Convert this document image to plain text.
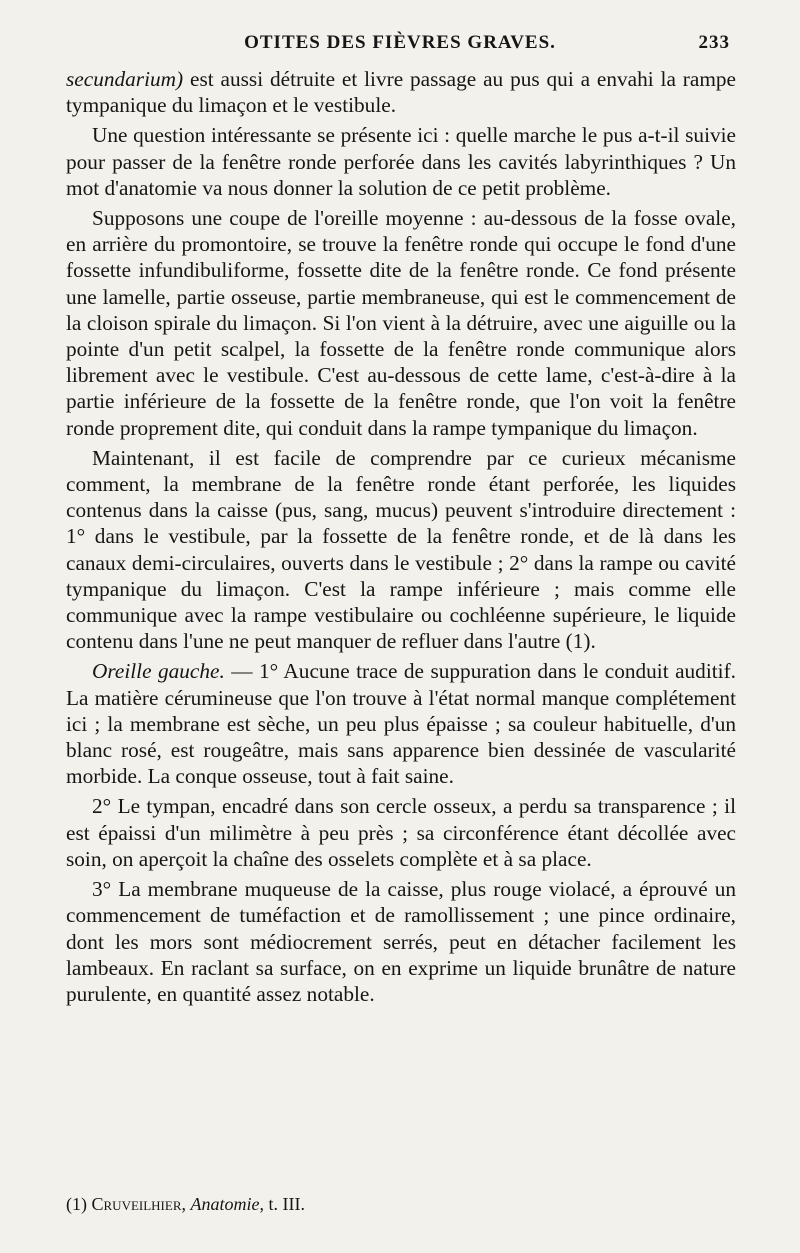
OTITES DES FIÈVRES GRAVES.	233

secundarium) est aussi détruite et livre passage au pus qui a envahi la rampe tympanique du limaçon et le vestibule.

Une question intéressante se présente ici : quelle marche le pus a-t-il suivie pour passer de la fenêtre ronde perforée dans les cavités labyrinthiques ? Un mot d'anatomie va nous donner la solution de ce petit problème.

Supposons une coupe de l'oreille moyenne : au-dessous de la fosse ovale, en arrière du promontoire, se trouve la fenêtre ronde qui occupe le fond d'une fossette infundibuliforme, fossette dite de la fenêtre ronde. Ce fond présente une lamelle, partie osseuse, partie membraneuse, qui est le commencement de la cloison spirale du limaçon. Si l'on vient à la détruire, avec une aiguille ou la pointe d'un petit scalpel, la fossette de la fenêtre ronde communique alors librement avec le vestibule. C'est au-dessous de cette lame, c'est-à-dire à la partie inférieure de la fossette de la fenêtre ronde, que l'on voit la fenêtre ronde proprement dite, qui conduit dans la rampe tympanique du limaçon.

Maintenant, il est facile de comprendre par ce curieux mécanisme comment, la membrane de la fenêtre ronde étant perforée, les liquides contenus dans la caisse (pus, sang, mucus) peuvent s'introduire directement : 1° dans le vestibule, par la fossette de la fenêtre ronde, et de là dans les canaux demi-circulaires, ouverts dans le vestibule ; 2° dans la rampe ou cavité tympanique du limaçon. C'est la rampe inférieure ; mais comme elle communique avec la rampe vestibulaire ou cochléenne supérieure, le liquide contenu dans l'une ne peut manquer de refluer dans l'autre (1).

Oreille gauche. — 1° Aucune trace de suppuration dans le conduit auditif. La matière cérumineuse que l'on trouve à l'état normal manque complétement ici ; la membrane est sèche, un peu plus épaisse ; sa couleur habituelle, d'un blanc rosé, est rougeâtre, mais sans apparence bien dessinée de vascularité morbide. La conque osseuse, tout à fait saine.

2° Le tympan, encadré dans son cercle osseux, a perdu sa transparence ; il est épaissi d'un milimètre à peu près ; sa circonférence étant décollée avec soin, on aperçoit la chaîne des osselets complète et à sa place.

3° La membrane muqueuse de la caisse, plus rouge violacé, a éprouvé un commencement de tuméfaction et de ramollissement ; une pince ordinaire, dont les mors sont médiocrement serrés, peut en détacher facilement les lambeaux. En raclant sa surface, on en exprime un liquide brunâtre de nature purulente, en quantité assez notable.

(1) Cruveilhier, Anatomie, t. III.
